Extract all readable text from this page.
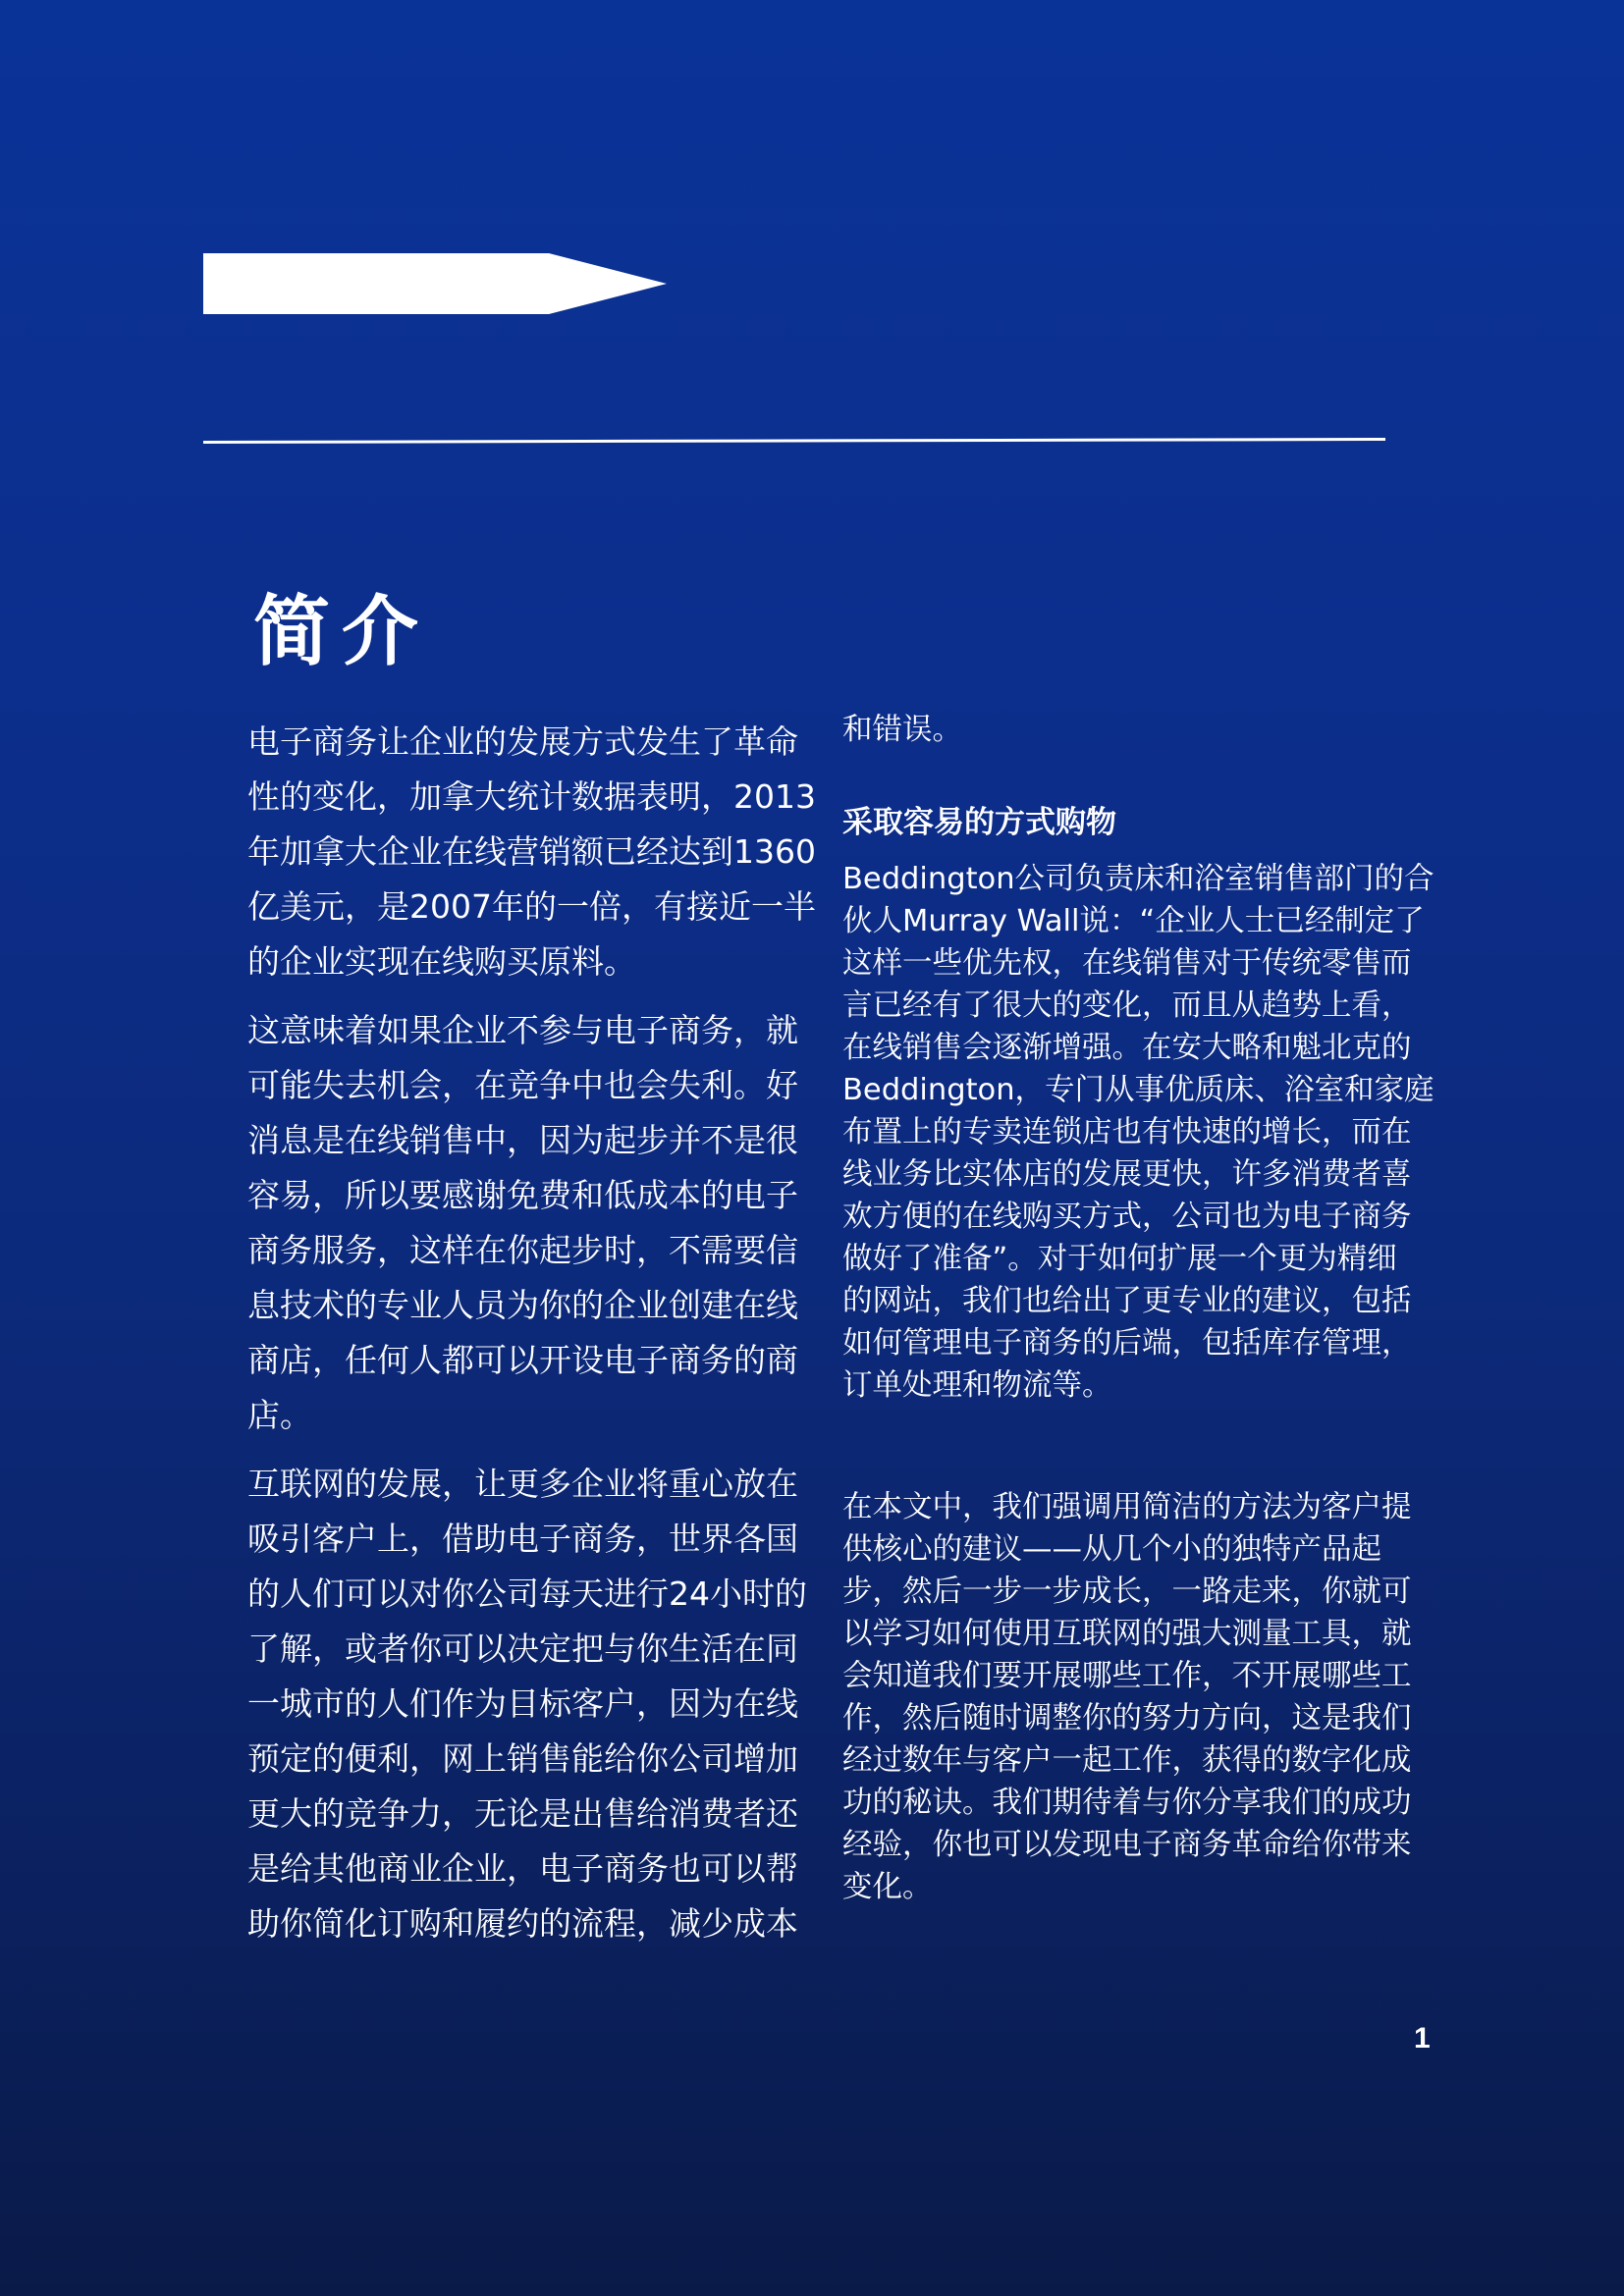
简介
电子商务让企业的发展方式发生了革命
性的变化，加拿大统计数据表明，2013
年加拿大企业在线营销额已经达到1360
亿美元，是2007年的一倍，有接近一半
的企业实现在线购买原料。
这意味着如果企业不参与电子商务，就
可能失去机会，在竞争中也会失利。好
消息是在线销售中，因为起步并不是很
容易，所以要感谢免费和低成本的电子
商务服务，这样在你起步时，不需要信
息技术的专业人员为你的企业创建在线
商店，任何人都可以开设电子商务的商
店。
互联网的发展，让更多企业将重心放在
吸引客户上，借助电子商务，世界各国
的人们可以对你公司每天进行24小时的
了解，或者你可以决定把与你生活在同
一城市的人们作为目标客户，因为在线
预定的便利，网上销售能给你公司增加
更大的竞争力，无论是出售给消费者还
是给其他商业企业，电子商务也可以帮
助你简化订购和履约的流程，减少成本
和错误。
采取容易的方式购物
Beddington公司负责床和浴室销售部门的合
伙人Murray Wall说：“企业人士已经制定了
这样一些优先权，在线销售对于传统零售而
言已经有了很大的变化，而且从趋势上看，
在线销售会逐渐增强。在安大略和魁北克的
Beddington，专门从事优质床、浴室和家庭
布置上的专卖连锁店也有快速的增长，而在
线业务比实体店的发展更快，许多消费者喜
欢方便的在线购买方式，公司也为电子商务
做好了准备”。对于如何扩展一个更为精细
的网站，我们也给出了更专业的建议，包括
如何管理电子商务的后端，包括库存管理，
订单处理和物流等。
在本文中，我们强调用简洁的方法为客户提
供核心的建议——从几个小的独特产品起
步，然后一步一步成长，一路走来，你就可
以学习如何使用互联网的强大测量工具，就
会知道我们要开展哪些工作，不开展哪些工
作，然后随时调整你的努力方向，这是我们
经过数年与客户一起工作，获得的数字化成
功的秘诀。我们期待着与你分享我们的成功
经验，你也可以发现电子商务革命给你带来
变化。
1
